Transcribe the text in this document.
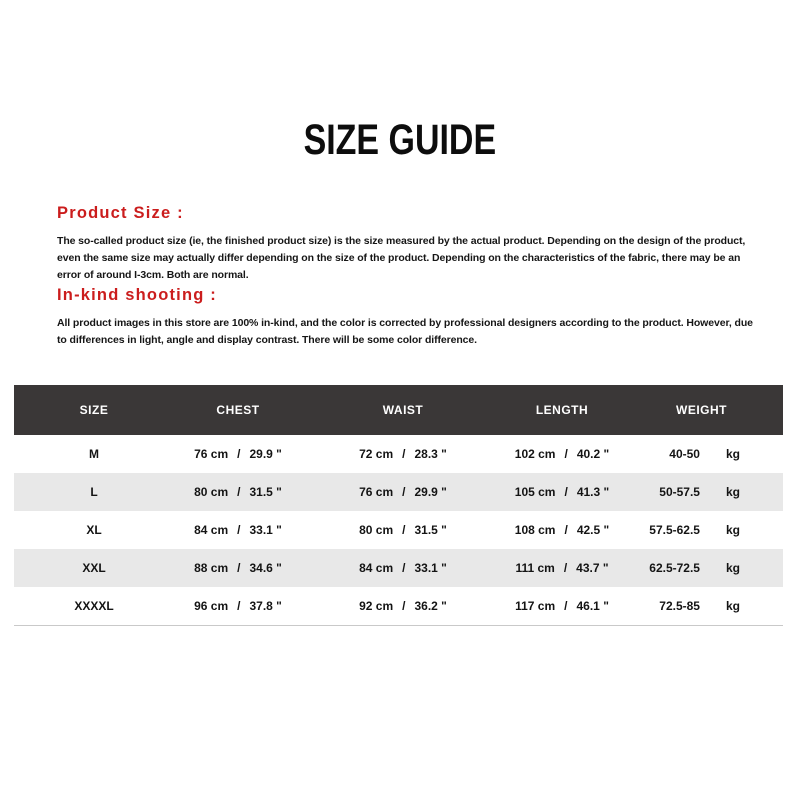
SIZE GUIDE
Product Size :
The so-called product size (ie, the finished product size) is the size measured by the actual product. Depending on the design of the product, even the same size may actually differ depending on the size of the product. Depending on the characteristics of the fabric, there may be an error of around I-3cm. Both are normal.
In-kind shooting :
All product images in this store are 100% in-kind, and the color is corrected by professional designers according to the product. However, due to differences in light, angle and display contrast. There will be some color difference.
SIZE	CHEST	WAIST	LENGTH	WEIGHT
M	76 cm / 29.9 "	72 cm / 28.3 "	102 cm / 40.2 "	40-50 kg
L	80 cm / 31.5 "	76 cm / 29.9 "	105 cm / 41.3 "	50-57.5 kg
XL	84 cm / 33.1 "	80 cm / 31.5 "	108 cm / 42.5 "	57.5-62.5 kg
XXL	88 cm / 34.6 "	84 cm / 33.1 "	111 cm / 43.7 "	62.5-72.5 kg
XXXXL	96 cm / 37.8 "	92 cm / 36.2 "	117 cm / 46.1 "	72.5-85 kg
